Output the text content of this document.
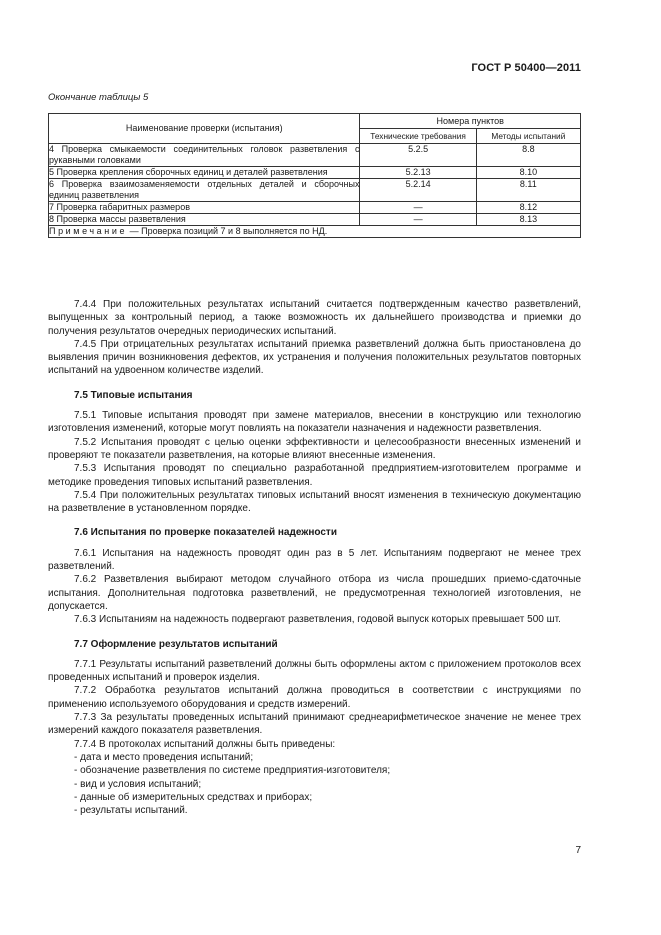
ГОСТ Р 50400—2011
Окончание таблицы 5
Наименование проверки (испытания)	Номера пунктов	
	Технические требования	Методы испытаний
4 Проверка смыкаемости соединительных головок разветвления с рукавными головками	5.2.5	8.8
5 Проверка крепления сборочных единиц и деталей разветвления	5.2.13	8.10
6 Проверка взаимозаменяемости отдельных деталей и сборочных единиц разветвления	5.2.14	8.11
7 Проверка габаритных размеров	—	8.12
8 Проверка массы разветвления	—	8.13
Примечание — Проверка позиций 7 и 8 выполняется по НД.		

7.4.4 При положительных результатах испытаний считается подтвержденным качество разветвлений, выпущенных за контрольный период, а также возможность их дальнейшего производства и приемки до получения результатов очередных периодических испытаний.

7.4.5 При отрицательных результатах испытаний приемка разветвлений должна быть приостановлена до выявления причин возникновения дефектов, их устранения и получения положительных результатов повторных испытаний на удвоенном количестве изделий.

7.5 Типовые испытания

7.5.1 Типовые испытания проводят при замене материалов, внесении в конструкцию или технологию изготовления изменений, которые могут повлиять на показатели назначения и надежности разветвления.

7.5.2 Испытания проводят с целью оценки эффективности и целесообразности внесенных изменений и проверяют те показатели разветвления, на которые влияют внесенные изменения.

7.5.3 Испытания проводят по специально разработанной предприятием-изготовителем программе и методике проведения типовых испытаний разветвления.

7.5.4 При положительных результатах типовых испытаний вносят изменения в техническую документацию на разветвление в установленном порядке.

7.6 Испытания по проверке показателей надежности

7.6.1 Испытания на надежность проводят один раз в 5 лет. Испытаниям подвергают не менее трех разветвлений.

7.6.2 Разветвления выбирают методом случайного отбора из числа прошедших приемо-сдаточные испытания. Дополнительная подготовка разветвлений, не предусмотренная технологией изготовления, не допускается.

7.6.3 Испытаниям на надежность подвергают разветвления, годовой выпуск которых превышает 500 шт.

7.7 Оформление результатов испытаний

7.7.1 Результаты испытаний разветвлений должны быть оформлены актом с приложением протоколов всех проведенных испытаний и проверок изделия.

7.7.2 Обработка результатов испытаний должна проводиться в соответствии с инструкциями по применению используемого оборудования и средств измерений.

7.7.3 За результаты проведенных испытаний принимают среднеарифметическое значение не менее трех измерений каждого показателя разветвления.

7.7.4 В протоколах испытаний должны быть приведены:

- дата и место проведения испытаний;

- обозначение разветвления по системе предприятия-изготовителя;

- вид и условия испытаний;

- данные об измерительных средствах и приборах;

- результаты испытаний.

7
